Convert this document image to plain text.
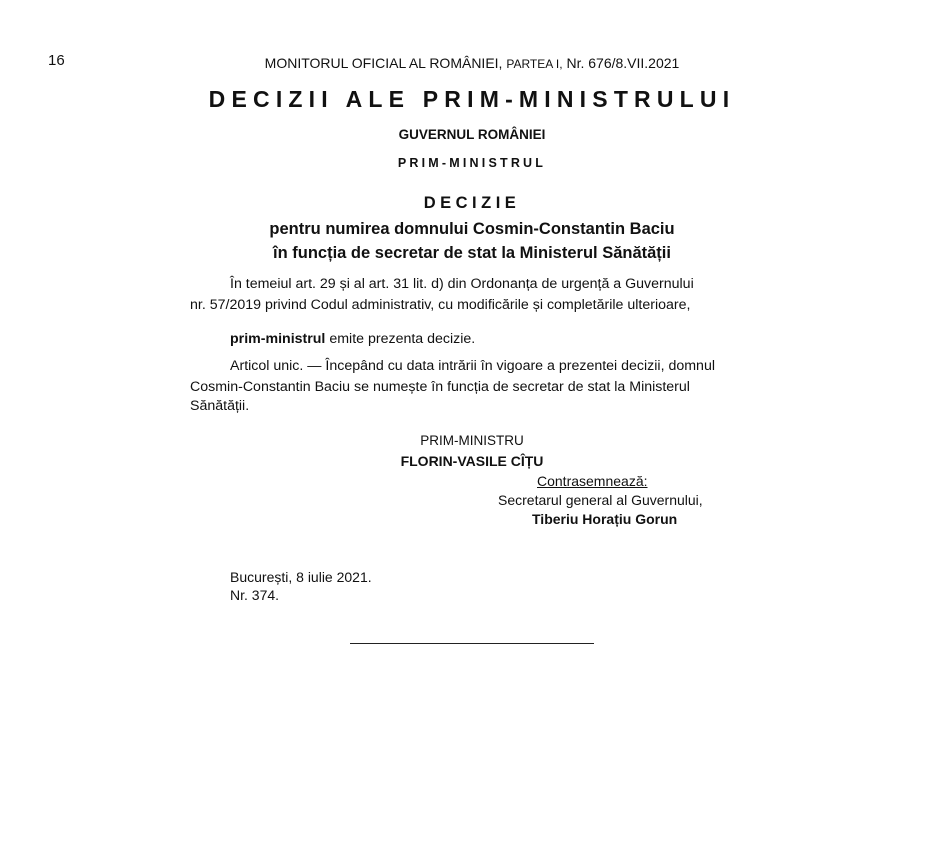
16	MONITORUL OFICIAL AL ROMÂNIEI, PARTEA I, Nr. 676/8.VII.2021
DECIZII ALE PRIM-MINISTRULUI
GUVERNUL ROMÂNIEI
PRIM-MINISTRUL
DECIZIE
pentru numirea domnului Cosmin-Constantin Baciu
în funcția de secretar de stat la Ministerul Sănătății
În temeiul art. 29 și al art. 31 lit. d) din Ordonanța de urgență a Guvernului
nr. 57/2019 privind Codul administrativ, cu modificările și completările ulterioare,
prim-ministrul emite prezenta decizie.
Articol unic. — Începând cu data intrării în vigoare a prezentei decizii, domnul
Cosmin-Constantin Baciu se numește în funcția de secretar de stat la Ministerul
Sănătății.
PRIM-MINISTRU
FLORIN-VASILE CÎȚU
Contrasemnează:
Secretarul general al Guvernului,
Tiberiu Horațiu Gorun
București, 8 iulie 2021.
Nr. 374.
